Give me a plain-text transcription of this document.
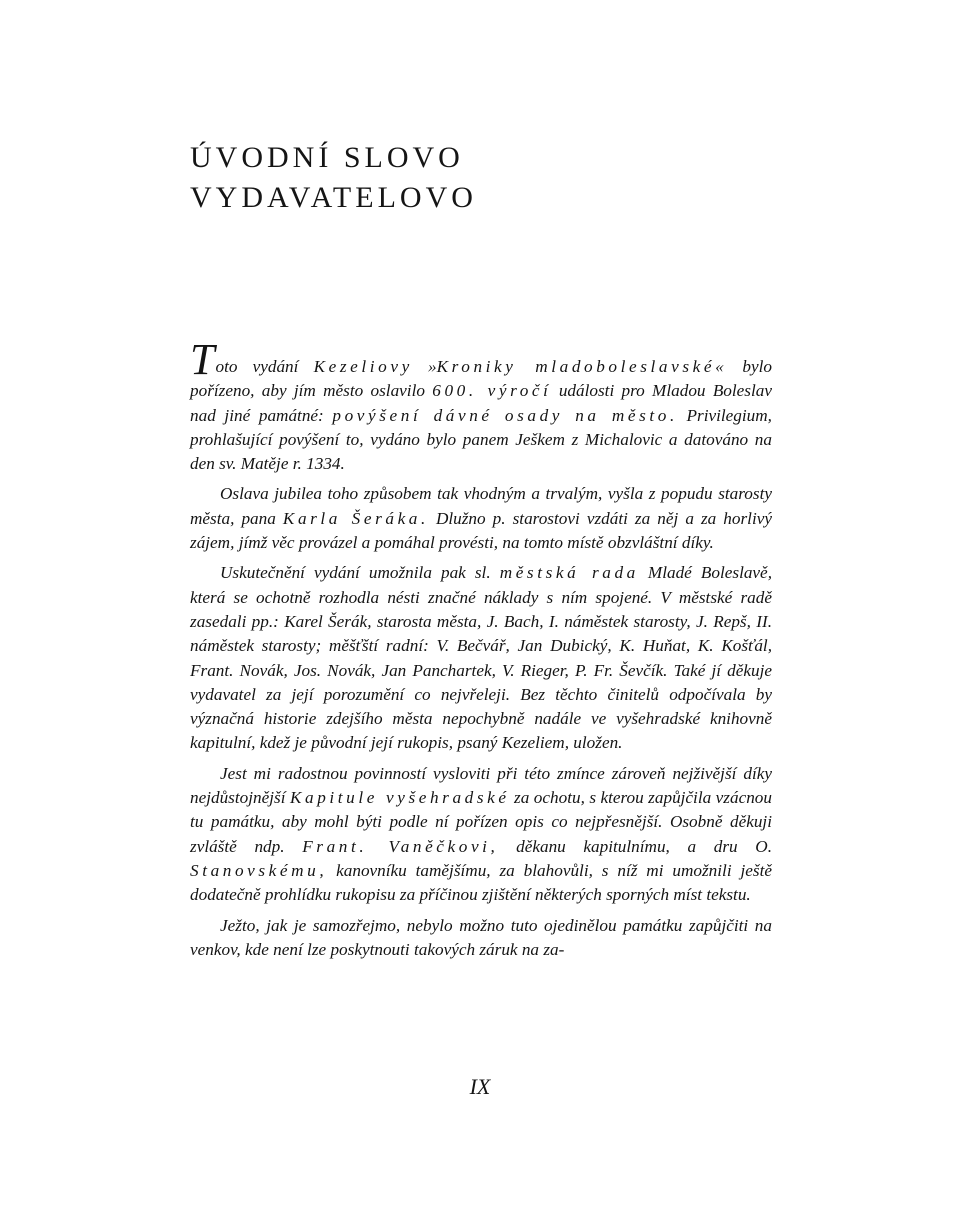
ÚVODNÍ SLOVO
VYDAVATELOVO

Toto vydání Kezeliovy »Kroniky mladoboleslavské« bylo pořízeno, aby jím město oslavilo 600. výročí události pro Mladou Boleslav nad jiné památné: povýšení dávné osady na město. Privilegium, prohlašující povýšení to, vydáno bylo panem Ješkem z Michalovic a datováno na den sv. Matěje r. 1334.

Oslava jubilea toho způsobem tak vhodným a trvalým, vyšla z popudu starosty města, pana Karla Šeráka. Dlužno p. starostovi vzdáti za něj a za horlivý zájem, jímž věc provázel a pomáhal provésti, na tomto místě obzvláštní díky.

Uskutečnění vydání umožnila pak sl. městská rada Mladé Boleslavě, která se ochotně rozhodla nésti značné náklady s ním spojené. V městské radě zasedali pp.: Karel Šerák, starosta města, J. Bach, I. náměstek starosty, J. Repš, II. náměstek starosty; měšťští radní: V. Bečvář, Jan Dubický, K. Huňat, K. Košťál, Frant. Novák, Jos. Novák, Jan Panchartek, V. Rieger, P. Fr. Ševčík. Také jí děkuje vydavatel za její porozumění co nejvřeleji. Bez těchto činitelů odpočívala by význačná historie zdejšího města nepochybně nadále ve vyšehradské knihovně kapitulní, kdež je původní její rukopis, psaný Kezeliem, uložen.

Jest mi radostnou povinností vysloviti při této zmínce zároveň nejživější díky nejdůstojnější Kapitule vyšehradské za ochotu, s kterou zapůjčila vzácnou tu památku, aby mohl býti podle ní pořízen opis co nejpřesnější. Osobně děkuji zvláště ndp. Frant. Vaněčkovi, děkanu kapitulnímu, a dru O. Stanovskému, kanovníku tamějšímu, za blahovůli, s níž mi umožnili ještě dodatečně prohlídku rukopisu za příčinou zjištění některých sporných míst tekstu.

Ježto, jak je samozřejmo, nebylo možno tuto ojedinělou památku zapůjčiti na venkov, kde není lze poskytnouti takových záruk na za-

IX
